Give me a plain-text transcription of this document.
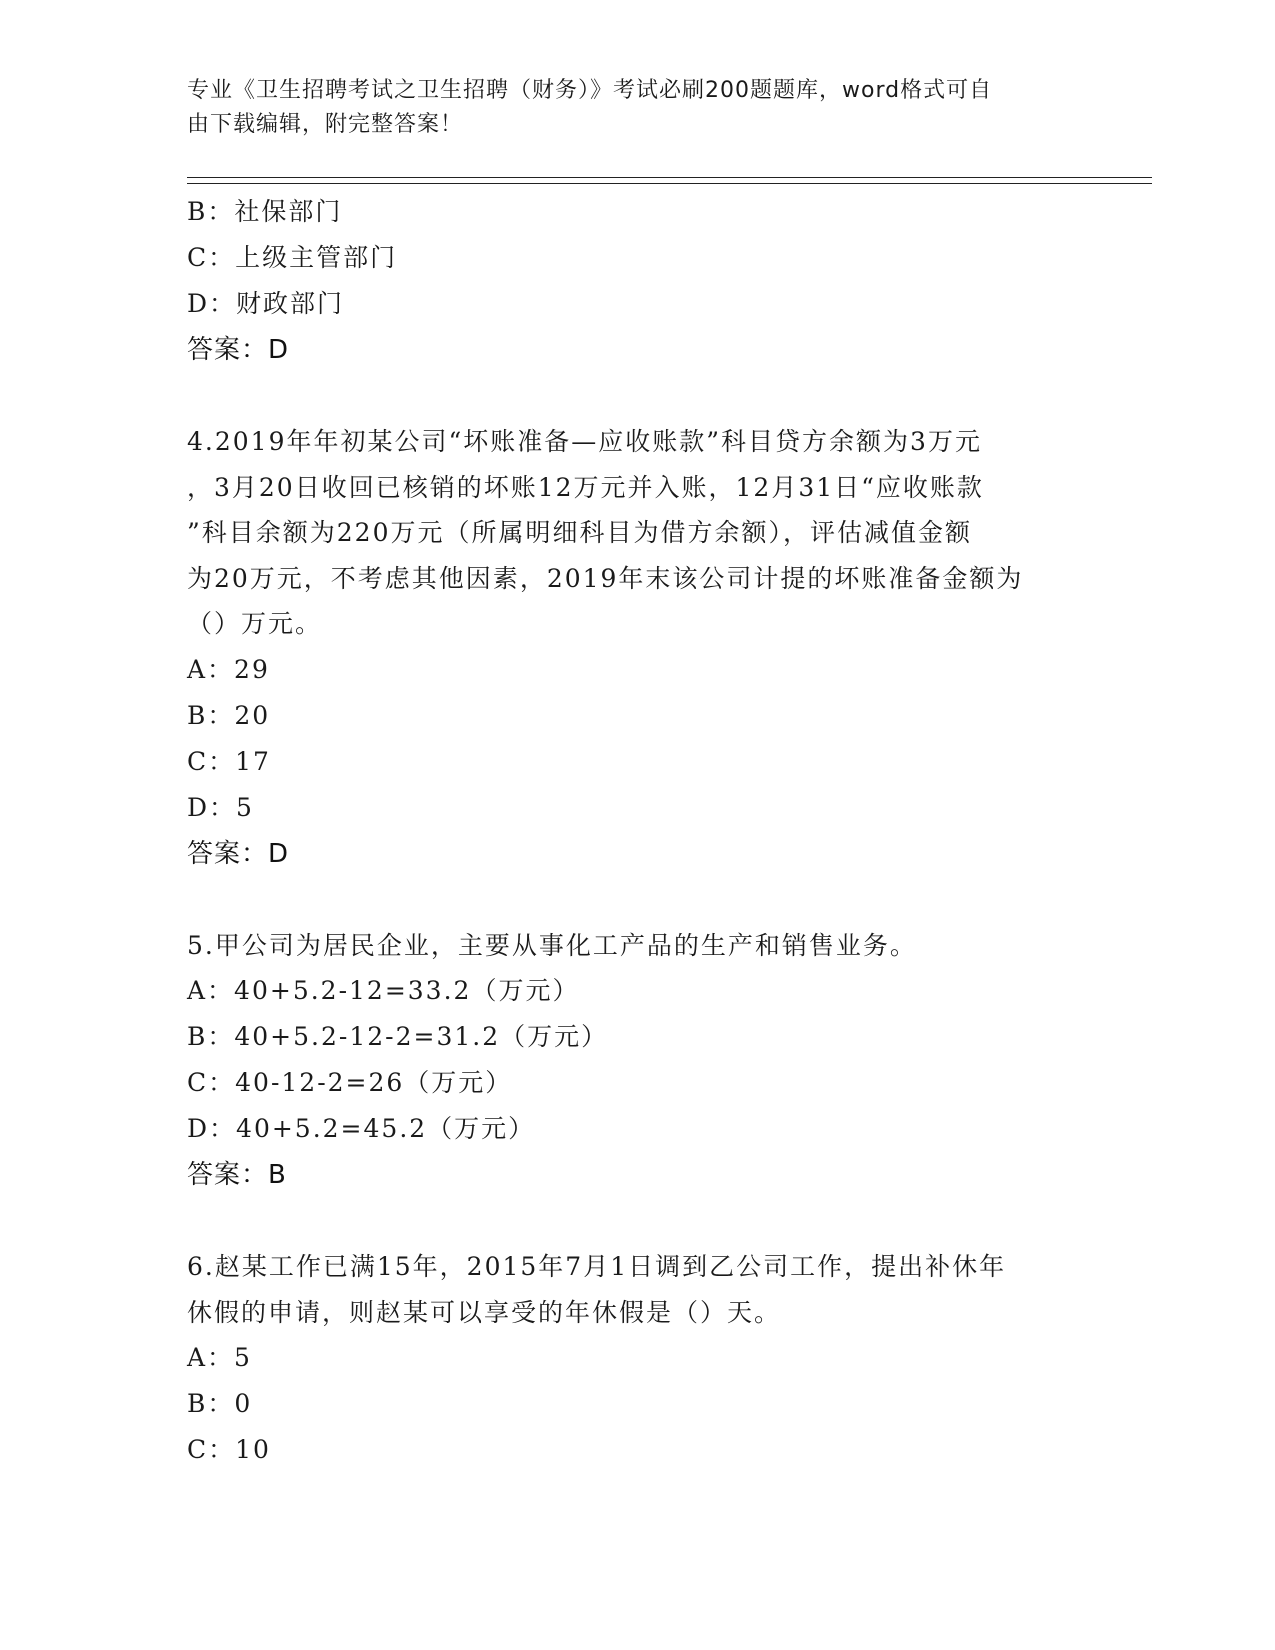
专业《卫生招聘考试之卫生招聘（财务）》考试必刷200题题库，word格式可自
由下载编辑，附完整答案！
B：社保部门
C：上级主管部门
D：财政部门
答案：D
4.2019年年初某公司“坏账准备—应收账款”科目贷方余额为3万元
，3月20日收回已核销的坏账12万元并入账，12月31日“应收账款
”科目余额为220万元（所属明细科目为借方余额），评估减值金额
为20万元，不考虑其他因素，2019年末该公司计提的坏账准备金额为
（）万元。
A：29
B：20
C：17
D：5
答案：D
5.甲公司为居民企业，主要从事化工产品的生产和销售业务。
A：40+5.2-12=33.2（万元）
B：40+5.2-12-2=31.2（万元）
C：40-12-2=26（万元）
D：40+5.2=45.2（万元）
答案：B
6.赵某工作已满15年，2015年7月1日调到乙公司工作，提出补休年
休假的申请，则赵某可以享受的年休假是（）天。
A：5
B：0
C：10
